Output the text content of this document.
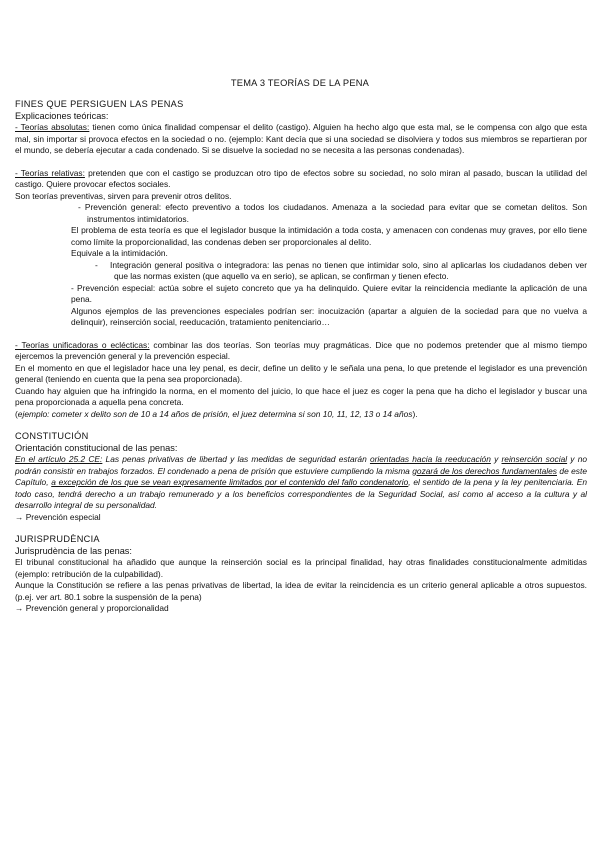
TEMA 3 TEORÍAS DE LA PENA

FINES QUE PERSIGUEN LAS PENAS

Explicaciones teóricas:

- Teorías absolutas: tienen como única finalidad compensar el delito (castigo). Alguien ha hecho algo que esta mal, se le compensa con algo que esta mal, sin importar si provoca efectos en la sociedad o no. (ejemplo: Kant decía que si una sociedad se disolviera y todos sus miembros se repartieran por el mundo, se debería ejecutar a cada condenado. Si se disuelve la sociedad no se necesita a las personas condenadas).

- Teorías relativas: pretenden que con el castigo se produzcan otro tipo de efectos sobre su sociedad, no solo miran al pasado, buscan la utilidad del castigo. Quiere provocar efectos sociales.

Son teorías preventivas, sirven para prevenir otros delitos.

- Prevención general: efecto preventivo a todos los ciudadanos. Amenaza a la sociedad para evitar que se cometan delitos. Son instrumentos intimidatorios.

El problema de esta teoría es que el legislador busque la intimidación a toda costa, y amenacen con condenas muy graves, por ello tiene como límite la proporcionalidad, las condenas deben ser proporcionales al delito.

Equivale a la intimidación.

- Integración general positiva o integradora: las penas no tienen que intimidar solo, sino al aplicarlas los ciudadanos deben ver que las normas existen (que aquello va en serio), se aplican, se confirman y tienen efecto.

- Prevención especial: actúa sobre el sujeto concreto que ya ha delinquido. Quiere evitar la reincidencia mediante la aplicación de una pena.

Algunos ejemplos de las prevenciones especiales podrían ser: inocuización (apartar a alguien de la sociedad para que no vuelva a delinquir), reinserción social, reeducación, tratamiento penitenciario…

- Teorías unificadoras o eclécticas: combinar las dos teorías. Son teorías muy pragmáticas. Dice que no podemos pretender que al mismo tiempo ejercemos la prevención general y la prevención especial.

En el momento en que el legislador hace una ley penal, es decir, define un delito y le señala una pena, lo que pretende el legislador es una prevención general (teniendo en cuenta que la pena sea proporcionada).

Cuando hay alguien que ha infringido la norma, en el momento del juicio, lo que hace el juez es coger la pena que ha dicho el legislador y buscar una pena proporcionada a aquella pena concreta.

(ejemplo: cometer x delito son de 10 a 14 años de prisión, el juez determina si son 10, 11, 12, 13 o 14 años).

CONSTITUCIÓN

Orientación constitucional de las penas:

En el artículo 25.2 CE: Las penas privativas de libertad y las medidas de seguridad estarán orientadas hacia la reeducación y reinserción social y no podrán consistir en trabajos forzados. El condenado a pena de prisión que estuviere cumpliendo la misma gozará de los derechos fundamentales de este Capítulo, a excepción de los que se vean expresamente limitados por el contenido del fallo condenatorio, el sentido de la pena y la ley penitenciaria. En todo caso, tendrá derecho a un trabajo remunerado y a los beneficios correspondientes de la Seguridad Social, así como al acceso a la cultura y al desarrollo integral de su personalidad.

→ Prevención especial

JURISPRUDÈNCIA

Jurisprudència de las penas:

El tribunal constitucional ha añadido que aunque la reinserción social es la principal finalidad, hay otras finalidades constitucionalmente admitidas (ejemplo: retribución de la culpabilidad).

Aunque la Constitución se refiere a las penas privativas de libertad, la idea de evitar la reincidencia es un criterio general aplicable a otros supuestos. (p.ej. ver art. 80.1 sobre la suspensión de la pena)

→ Prevención general y proporcionalidad
